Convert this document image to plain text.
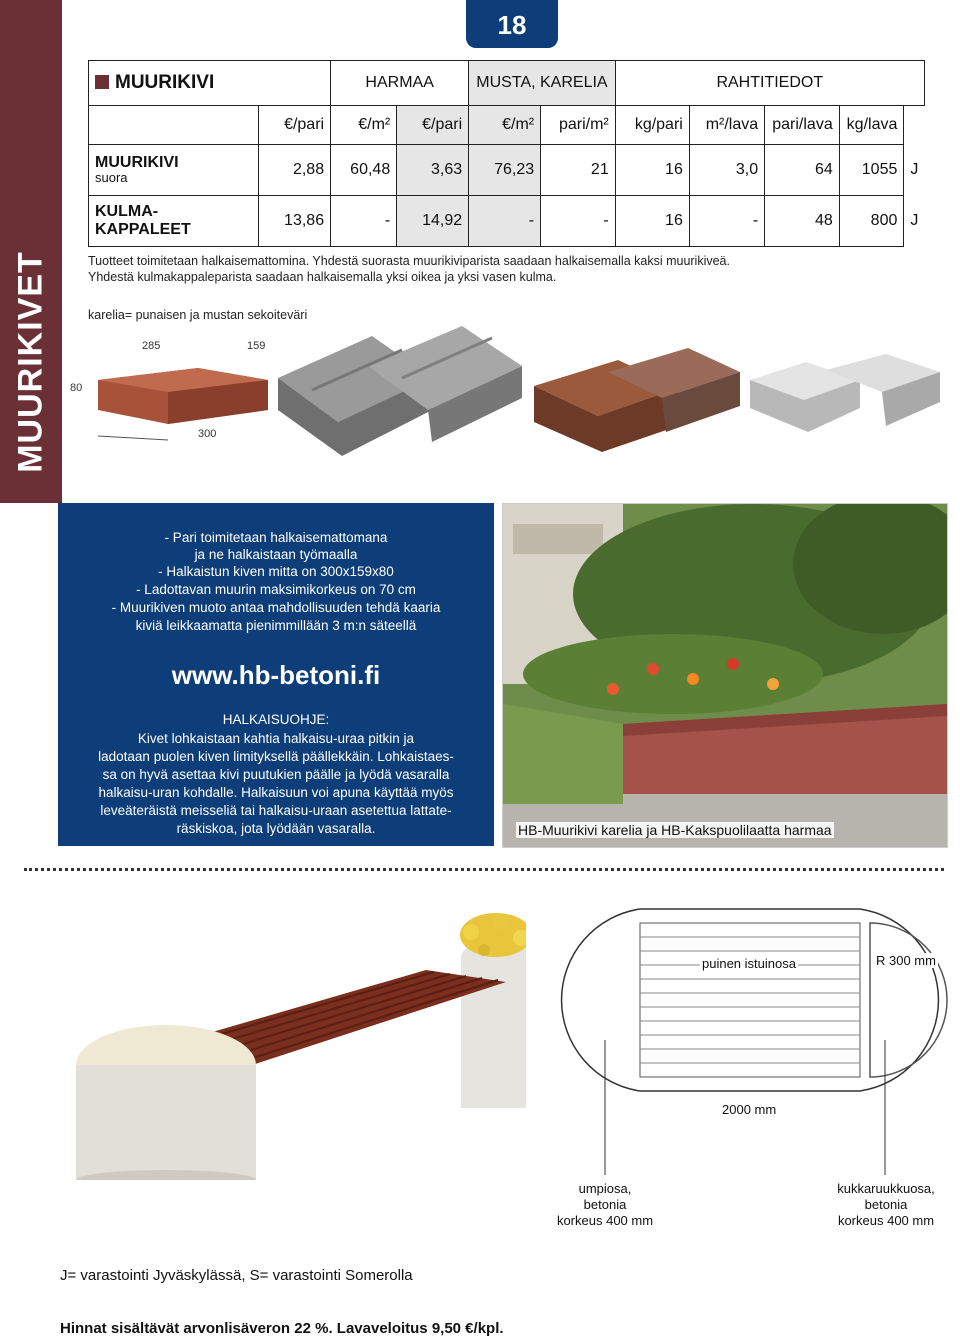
MUURIKIVET
18
MUURIKIVI		HARMAA		MUSTA, KARELIA		RAHTITIEDOT					
	€/pari	€/m²	€/pari	€/m²	pari/m²	kg/pari	m²/lava	pari/lava	kg/lava		

MUURIKIVI
suora	2,88	60,48	3,63	76,23	21	16	3,0	64	1055	J	

KULMA-
KAPPALEET	13,86	-	14,92	-	-	16	-	48	800	J	
Tuotteet toimitetaan halkaisemattomina. Yhdestä suorasta muurikiviparista saadaan halkaisemalla kaksi muurikiveä.
Yhdestä kulmakappaleparista saadaan halkaisemalla yksi oikea ja yksi vasen kulma.
karelia= punaisen ja mustan sekoiteväri
285	159
80
300
- Pari toimitetaan halkaisemattomana
ja ne halkaistaan työmaalla
- Halkaistun kiven mitta on 300x159x80
- Ladottavan muurin maksimikorkeus on 70 cm
- Muurikiven muoto antaa mahdollisuuden tehdä kaaria
kiviä leikkaamatta pienimmillään 3 m:n säteellä
www.hb-betoni.fi
HALKAISUOHJE:
Kivet lohkaistaan kahtia halkaisu-uraa pitkin ja
ladotaan puolen kiven limityksellä päällekkäin. Lohkaistaes-
sa on hyvä asettaa kivi puutukien päälle ja lyödä vasaralla
halkaisu-uran kohdalle. Halkaisuun voi apuna käyttää myös
leveäteräistä meisseliä tai halkaisu-uraan asetettua lattate-
räskiskoa, jota lyödään vasaralla.	HB-Muurikivi karelia ja HB-Kakspuolilaatta harmaa
puinen istuinosa	R 300 mm
2000 mm
umpiosa,
betonia
korkeus 400 mm
kukkaruukkuosa,
betonia
korkeus 400 mm
J= varastointi Jyväskylässä, S= varastointi Somerolla
Hinnat sisältävät arvonlisäveron 22 %. Lavaveloitus 9,50 €/kpl.
